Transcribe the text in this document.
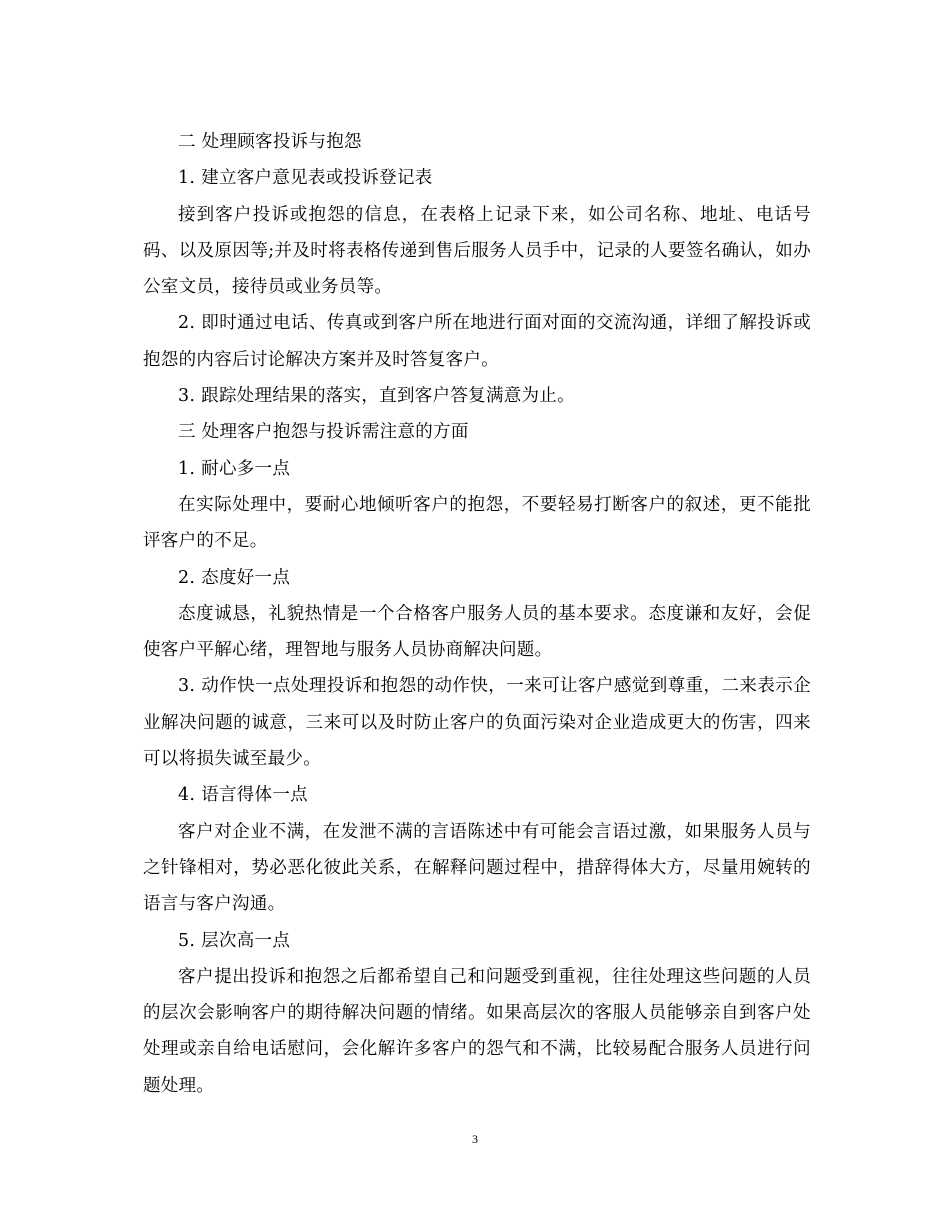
二 处理顾客投诉与抱怨

1. 建立客户意见表或投诉登记表

接到客户投诉或抱怨的信息，在表格上记录下来，如公司名称、地址、电话号码、以及原因等;并及时将表格传递到售后服务人员手中，记录的人要签名确认，如办公室文员，接待员或业务员等。

2. 即时通过电话、传真或到客户所在地进行面对面的交流沟通，详细了解投诉或抱怨的内容后讨论解决方案并及时答复客户。

3. 跟踪处理结果的落实，直到客户答复满意为止。

三 处理客户抱怨与投诉需注意的方面

1. 耐心多一点

在实际处理中，要耐心地倾听客户的抱怨，不要轻易打断客户的叙述，更不能批评客户的不足。

2. 态度好一点

态度诚恳，礼貌热情是一个合格客户服务人员的基本要求。态度谦和友好，会促使客户平解心绪，理智地与服务人员协商解决问题。

3. 动作快一点处理投诉和抱怨的动作快，一来可让客户感觉到尊重，二来表示企业解决问题的诚意，三来可以及时防止客户的负面污染对企业造成更大的伤害，四来可以将损失诚至最少。

4. 语言得体一点

客户对企业不满，在发泄不满的言语陈述中有可能会言语过激，如果服务人员与之针锋相对，势必恶化彼此关系，在解释问题过程中，措辞得体大方，尽量用婉转的语言与客户沟通。

5. 层次高一点

客户提出投诉和抱怨之后都希望自己和问题受到重视，往往处理这些问题的人员的层次会影响客户的期待解决问题的情绪。如果高层次的客服人员能够亲自到客户处处理或亲自给电话慰问，会化解许多客户的怨气和不满，比较易配合服务人员进行问题处理。

3
